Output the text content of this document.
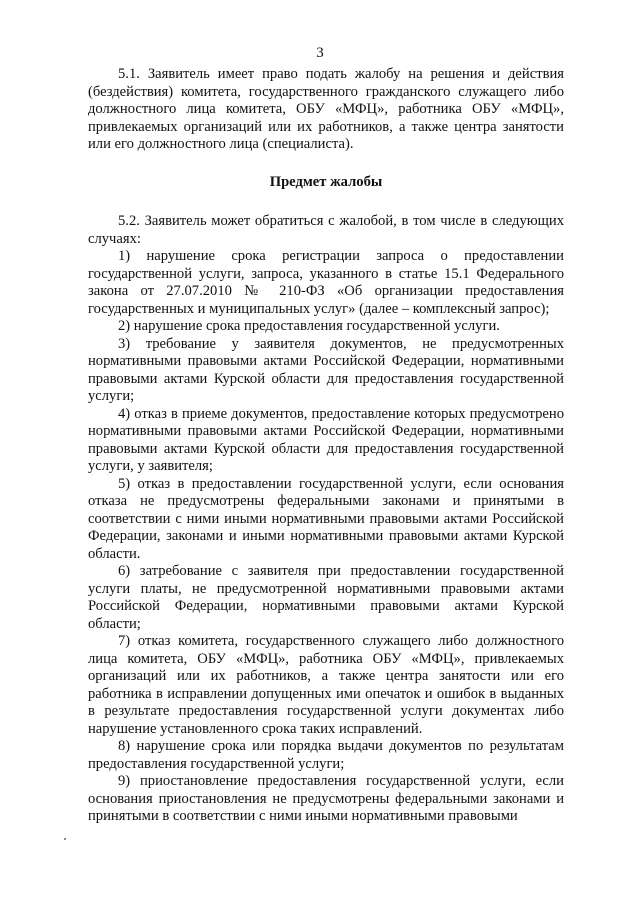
3

5.1. Заявитель имеет право подать жалобу на решения и действия (бездействия) комитета, государственного гражданского служащего либо должностного лица комитета, ОБУ «МФЦ», работника ОБУ «МФЦ», привлекаемых организаций или их работников, а также центра занятости или его должностного лица (специалиста).

Предмет жалобы

5.2. Заявитель может обратиться с жалобой, в том числе в следующих случаях:

1) нарушение срока регистрации запроса о предоставлении государственной услуги, запроса, указанного в статье 15.1 Федерального закона от 27.07.2010 № 210-ФЗ «Об организации предоставления государственных и муниципальных услуг» (далее – комплексный запрос);

2) нарушение срока предоставления государственной услуги.

3) требование у заявителя документов, не предусмотренных нормативными правовыми актами Российской Федерации, нормативными правовыми актами Курской области для предоставления государственной услуги;

4) отказ в приеме документов, предоставление которых предусмотрено нормативными правовыми актами Российской Федерации, нормативными правовыми актами Курской области для предоставления государственной услуги, у заявителя;

5) отказ в предоставлении государственной услуги, если основания отказа не предусмотрены федеральными законами и принятыми в соответствии с ними иными нормативными правовыми актами Российской Федерации, законами и иными нормативными правовыми актами Курской области.

6) затребование с заявителя при предоставлении государственной услуги платы, не предусмотренной нормативными правовыми актами Российской Федерации, нормативными правовыми актами Курской области;

7) отказ комитета, государственного служащего либо должностного лица комитета, ОБУ «МФЦ», работника ОБУ «МФЦ», привлекаемых организаций или их работников, а также центра занятости или его работника в исправлении допущенных ими опечаток и ошибок в выданных в результате предоставления государственной услуги документах либо нарушение установленного срока таких исправлений.

8) нарушение срока или порядка выдачи документов по результатам предоставления государственной услуги;

9) приостановление предоставления государственной услуги, если основания приостановления не предусмотрены федеральными законами и принятыми в соответствии с ними иными нормативными правовыми
